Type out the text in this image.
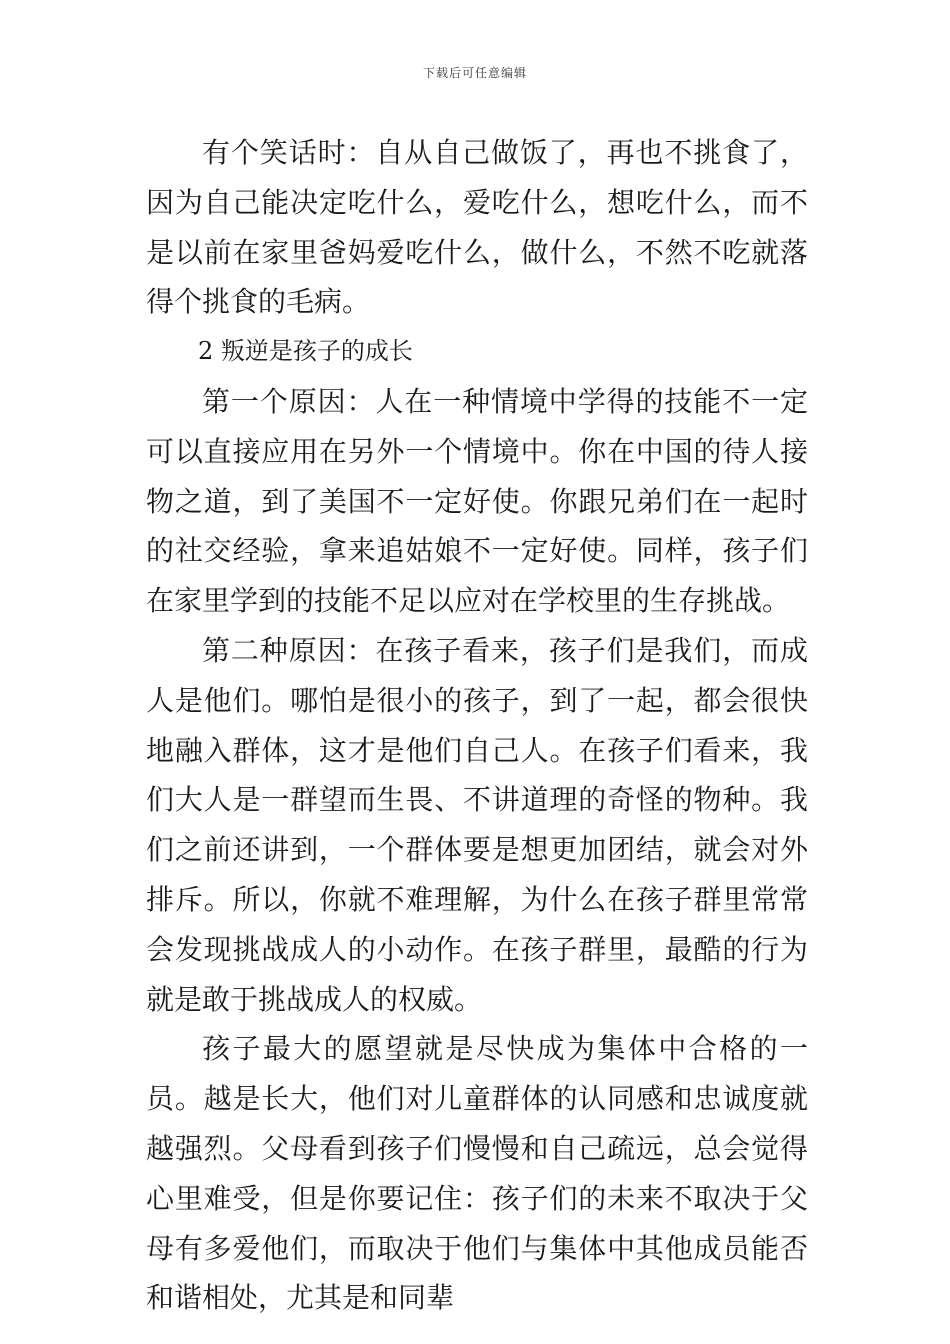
下载后可任意编辑

有个笑话时：自从自己做饭了，再也不挑食了，因为自己能决定吃什么，爱吃什么，想吃什么，而不是以前在家里爸妈爱吃什么，做什么，不然不吃就落得个挑食的毛病。

2 叛逆是孩子的成长

第一个原因：人在一种情境中学得的技能不一定可以直接应用在另外一个情境中。你在中国的待人接物之道，到了美国不一定好使。你跟兄弟们在一起时的社交经验，拿来追姑娘不一定好使。同样，孩子们在家里学到的技能不足以应对在学校里的生存挑战。

第二种原因：在孩子看来，孩子们是我们，而成人是他们。哪怕是很小的孩子，到了一起，都会很快地融入群体，这才是他们自己人。在孩子们看来，我们大人是一群望而生畏、不讲道理的奇怪的物种。我们之前还讲到，一个群体要是想更加团结，就会对外排斥。所以，你就不难理解，为什么在孩子群里常常会发现挑战成人的小动作。在孩子群里，最酷的行为就是敢于挑战成人的权威。

孩子最大的愿望就是尽快成为集体中合格的一员。越是长大，他们对儿童群体的认同感和忠诚度就越强烈。父母看到孩子们慢慢和自己疏远，总会觉得心里难受，但是你要记住：孩子们的未来不取决于父母有多爱他们，而取决于他们与集体中其他成员能否和谐相处，尤其是和同辈
